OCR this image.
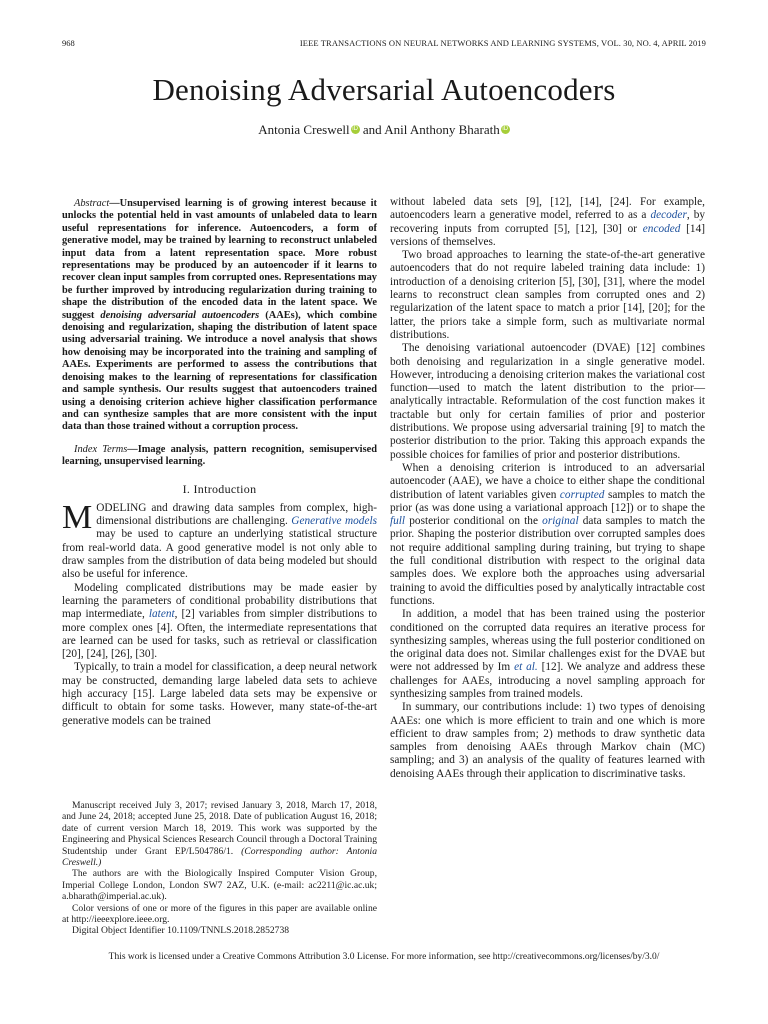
968	IEEE TRANSACTIONS ON NEURAL NETWORKS AND LEARNING SYSTEMS, VOL. 30, NO. 4, APRIL 2019
Denoising Adversarial Autoencoders
Antonia Creswell iD and Anil Anthony Bharath iD

Abstract—Unsupervised learning is of growing interest because it unlocks the potential held in vast amounts of unlabeled data to learn useful representations for inference. Autoencoders, a form of generative model, may be trained by learning to reconstruct unlabeled input data from a latent representation space. More robust representations may be produced by an autoencoder if it learns to recover clean input samples from corrupted ones. Representations may be further improved by introducing regularization during training to shape the distribution of the encoded data in the latent space. We suggest denoising adversarial autoencoders (AAEs), which combine denoising and regularization, shaping the distribution of latent space using adversarial training. We introduce a novel analysis that shows how denoising may be incorporated into the training and sampling of AAEs. Experiments are performed to assess the contributions that denoising makes to the learning of representations for classification and sample synthesis. Our results suggest that autoencoders trained using a denoising criterion achieve higher classification performance and can synthesize samples that are more consistent with the input data than those trained without a corruption process.

Index Terms—Image analysis, pattern recognition, semisupervised learning, unsupervised learning.

I. Introduction

MODELING and drawing data samples from complex, high-dimensional distributions are challenging. Generative models may be used to capture an underlying statistical structure from real-world data. A good generative model is not only able to draw samples from the distribution of data being modeled but should also be useful for inference.

Modeling complicated distributions may be made easier by learning the parameters of conditional probability distributions that map intermediate, latent, [2] variables from simpler distributions to more complex ones [4]. Often, the intermediate representations that are learned can be used for tasks, such as retrieval or classification [20], [24], [26], [30].

Typically, to train a model for classification, a deep neural network may be constructed, demanding large labeled data sets to achieve high accuracy [15]. Large labeled data sets may be expensive or difficult to obtain for some tasks. However, many state-of-the-art generative models can be trained

Manuscript received July 3, 2017; revised January 3, 2018, March 17, 2018, and June 24, 2018; accepted June 25, 2018. Date of publication August 16, 2018; date of current version March 18, 2019. This work was supported by the Engineering and Physical Sciences Research Council through a Doctoral Training Studentship under Grant EP/L504786/1. (Corresponding author: Antonia Creswell.)

The authors are with the Biologically Inspired Computer Vision Group, Imperial College London, London SW7 2AZ, U.K. (e-mail: ac2211@ic.ac.uk; a.bharath@imperial.ac.uk).

Color versions of one or more of the figures in this paper are available online at http://ieeexplore.ieee.org.

Digital Object Identifier 10.1109/TNNLS.2018.2852738

without labeled data sets [9], [12], [14], [24]. For example, autoencoders learn a generative model, referred to as a decoder, by recovering inputs from corrupted [5], [12], [30] or encoded [14] versions of themselves.

Two broad approaches to learning the state-of-the-art generative autoencoders that do not require labeled training data include: 1) introduction of a denoising criterion [5], [30], [31], where the model learns to reconstruct clean samples from corrupted ones and 2) regularization of the latent space to match a prior [14], [20]; for the latter, the priors take a simple form, such as multivariate normal distributions.

The denoising variational autoencoder (DVAE) [12] combines both denoising and regularization in a single generative model. However, introducing a denoising criterion makes the variational cost function—used to match the latent distribution to the prior—analytically intractable. Reformulation of the cost function makes it tractable but only for certain families of prior and posterior distributions. We propose using adversarial training [9] to match the posterior distribution to the prior. Taking this approach expands the possible choices for families of prior and posterior distributions.

When a denoising criterion is introduced to an adversarial autoencoder (AAE), we have a choice to either shape the conditional distribution of latent variables given corrupted samples to match the prior (as was done using a variational approach [12]) or to shape the full posterior conditional on the original data samples to match the prior. Shaping the posterior distribution over corrupted samples does not require additional sampling during training, but trying to shape the full conditional distribution with respect to the original data samples does. We explore both the approaches using adversarial training to avoid the difficulties posed by analytically intractable cost functions.

In addition, a model that has been trained using the posterior conditioned on the corrupted data requires an iterative process for synthesizing samples, whereas using the full posterior conditioned on the original data does not. Similar challenges exist for the DVAE but were not addressed by Im et al. [12]. We analyze and address these challenges for AAEs, introducing a novel sampling approach for synthesizing samples from trained models.

In summary, our contributions include: 1) two types of denoising AAEs: one which is more efficient to train and one which is more efficient to draw samples from; 2) methods to draw synthetic data samples from denoising AAEs through Markov chain (MC) sampling; and 3) an analysis of the quality of features learned with denoising AAEs through their application to discriminative tasks.

This work is licensed under a Creative Commons Attribution 3.0 License. For more information, see http://creativecommons.org/licenses/by/3.0/
